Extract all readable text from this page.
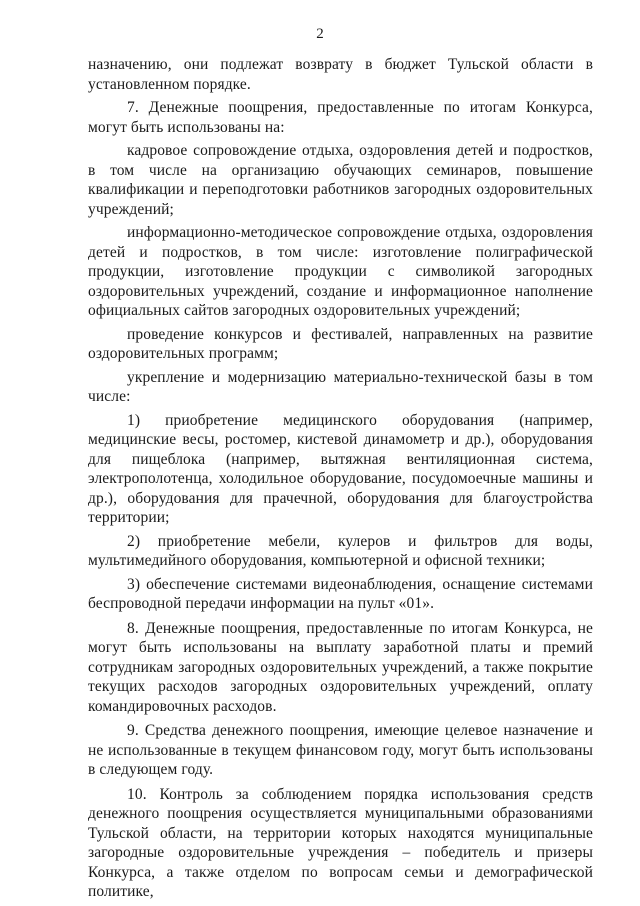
2

назначению, они подлежат возврату в бюджет Тульской области в установленном порядке.

7. Денежные поощрения, предоставленные по итогам Конкурса, могут быть использованы на:

кадровое сопровождение отдыха, оздоровления детей и подростков, в том числе на организацию обучающих семинаров, повышение квалификации и переподготовки работников загородных оздоровительных учреждений;

информационно-методическое сопровождение отдыха, оздоровления детей и подростков, в том числе: изготовление полиграфической продукции, изготовление продукции с символикой загородных оздоровительных учреждений, создание и информационное наполнение официальных сайтов загородных оздоровительных учреждений;

проведение конкурсов и фестивалей, направленных на развитие оздоровительных программ;

укрепление и модернизацию материально-технической базы в том числе:

1) приобретение медицинского оборудования (например, медицинские весы, ростомер, кистевой динамометр и др.), оборудования для пищеблока (например, вытяжная вентиляционная система, электрополотенца, холодильное оборудование, посудомоечные машины и др.), оборудования для прачечной, оборудования для благоустройства территории;

2) приобретение мебели, кулеров и фильтров для воды, мультимедийного оборудования, компьютерной и офисной техники;

3) обеспечение системами видеонаблюдения, оснащение системами беспроводной передачи информации на пульт «01».

8. Денежные поощрения, предоставленные по итогам Конкурса, не могут быть использованы на выплату заработной платы и премий сотрудникам загородных оздоровительных учреждений, а также покрытие текущих расходов загородных оздоровительных учреждений, оплату командировочных расходов.

9. Средства денежного поощрения, имеющие целевое назначение и не использованные в текущем финансовом году, могут быть использованы в следующем году.

10. Контроль за соблюдением порядка использования средств денежного поощрения осуществляется муниципальными образованиями Тульской области, на территории которых находятся муниципальные загородные оздоровительные учреждения – победитель и призеры Конкурса, а также отделом по вопросам семьи и демографической политике,
